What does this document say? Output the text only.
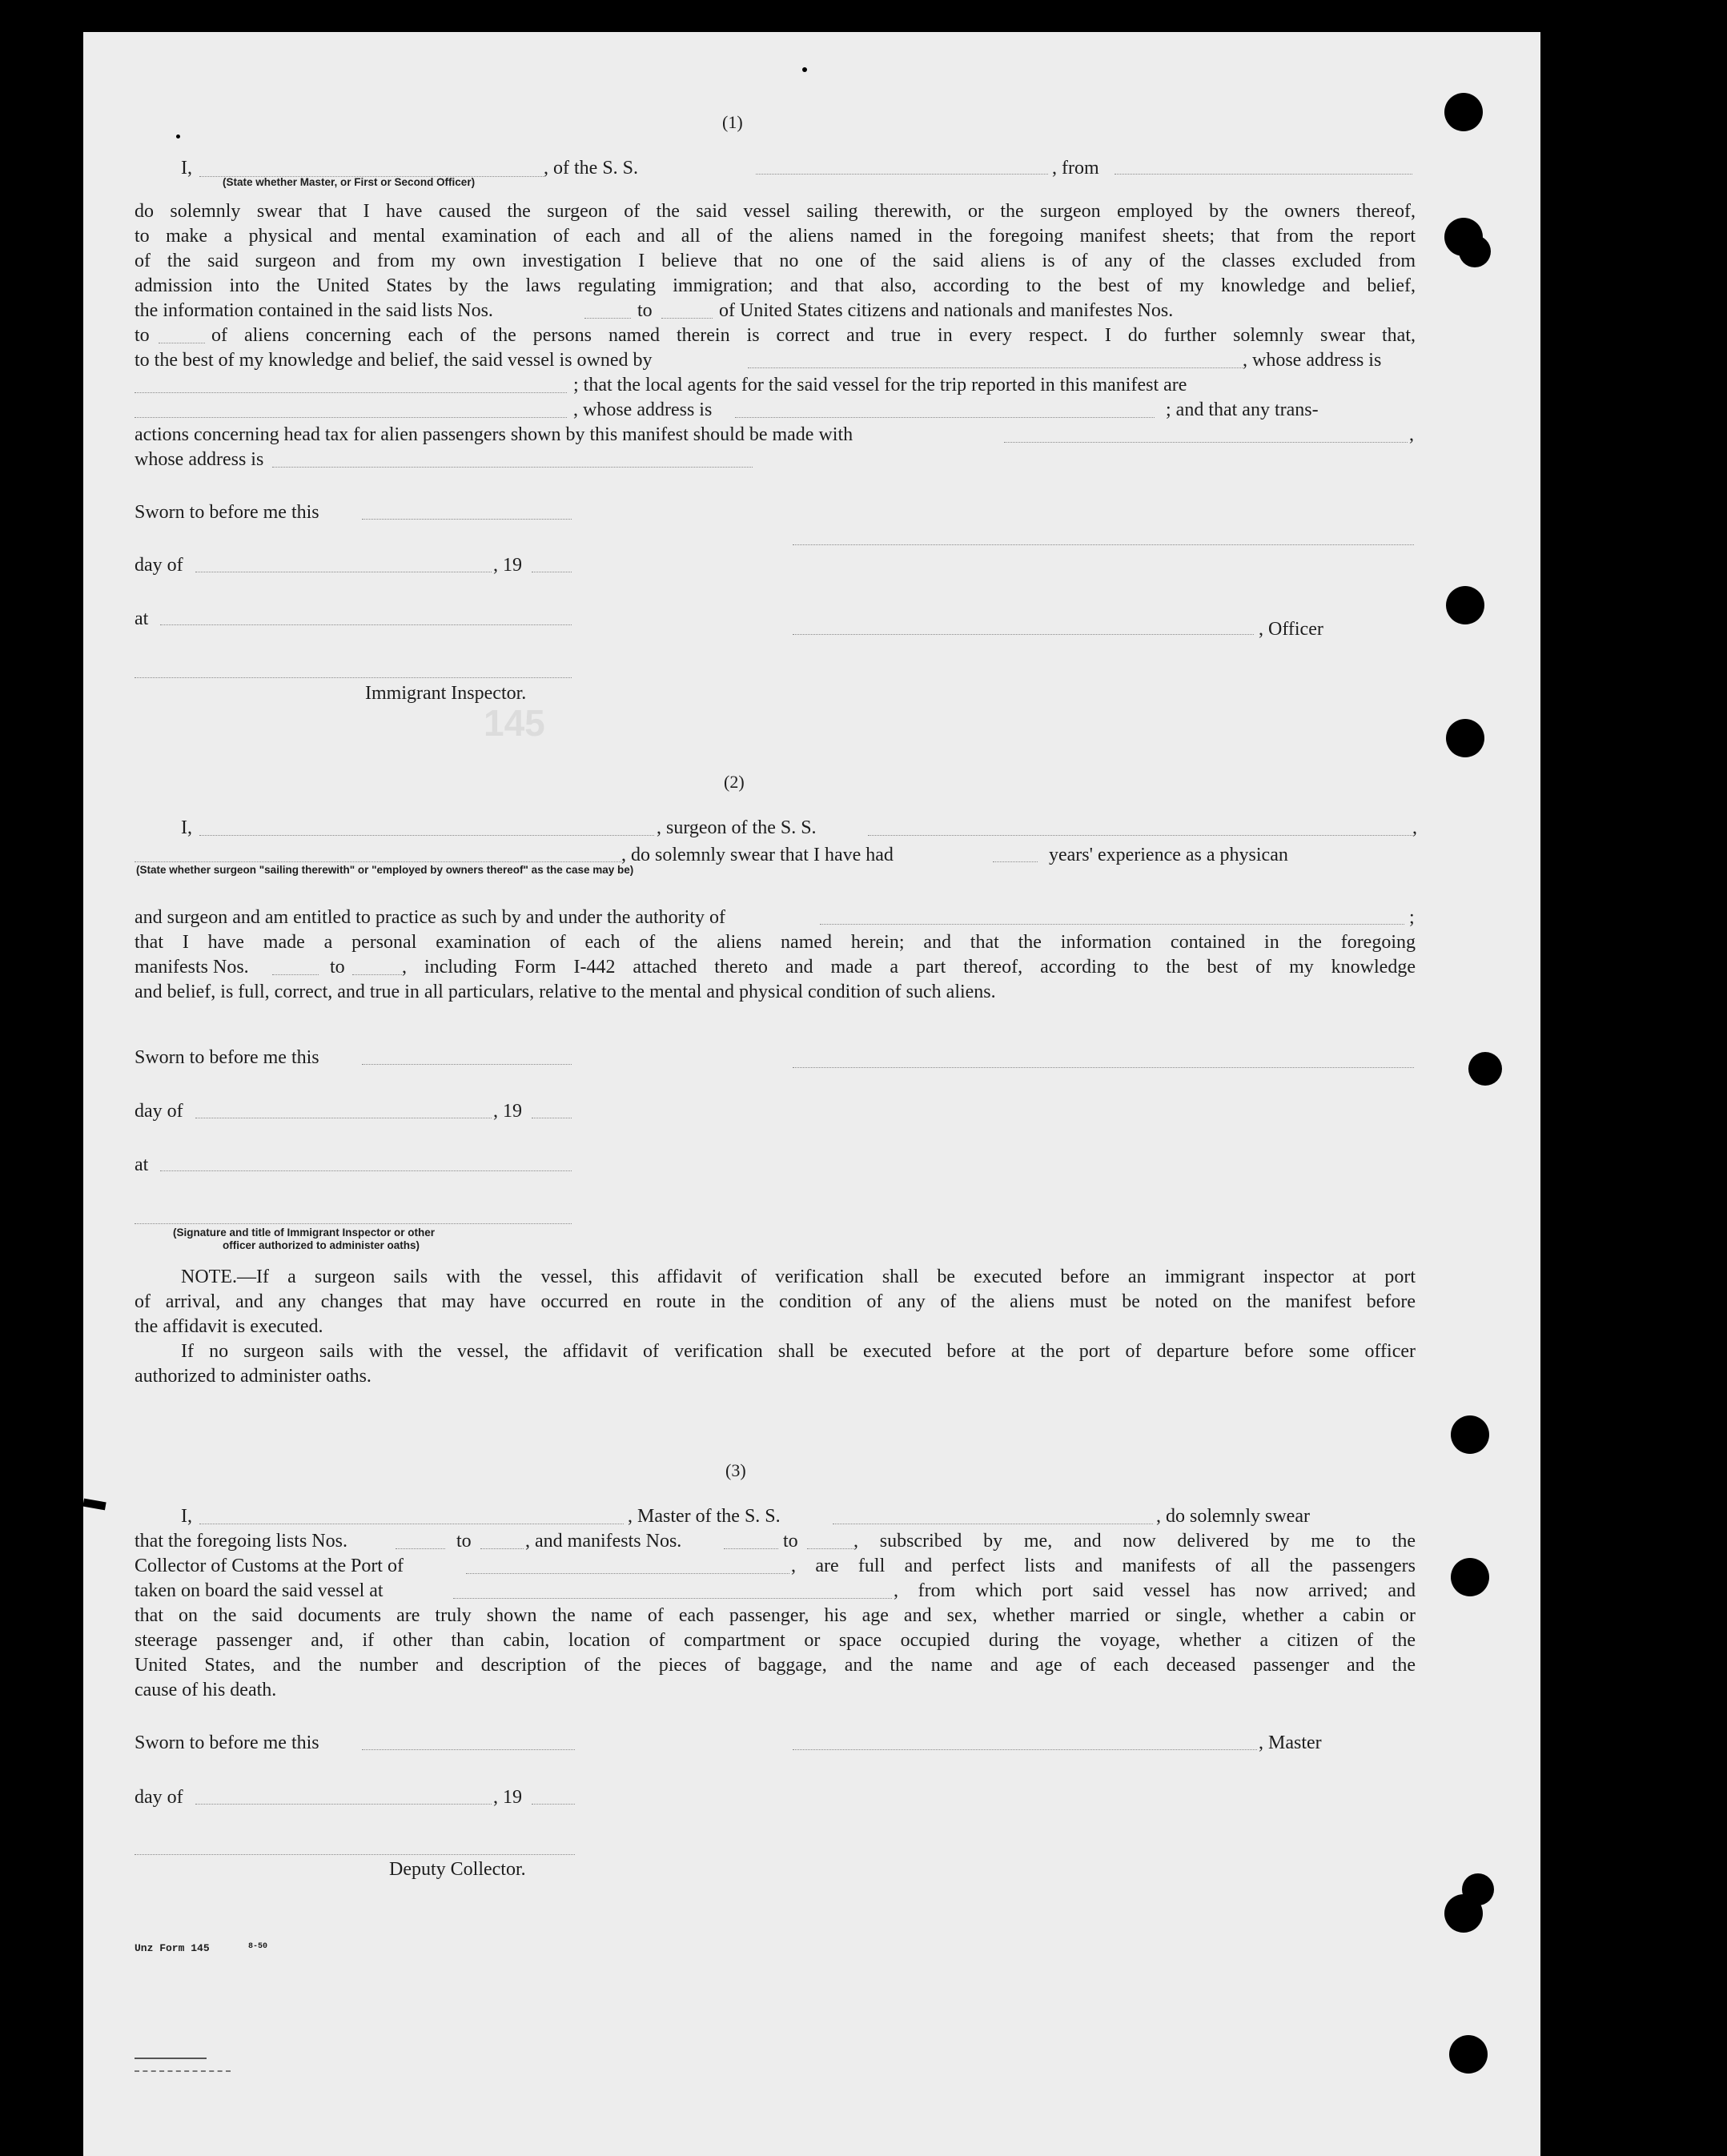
(1)
I,
(State whether Master, or First or Second Officer)
, of the S. S.	, from
do solemnly swear that I have caused the surgeon of the said vessel sailing therewith, or the surgeon employed by the owners thereof,
to make a physical and mental examination of each and all of the aliens named in the foregoing manifest sheets; that from the report
of the said surgeon and from my own investigation I believe that no one of the said aliens is of any of the classes excluded from
admission into the United States by the laws regulating immigration; and that also, according to the best of my knowledge and belief,
the information contained in the said lists Nos.	to	of United States citizens and nationals and manifestes Nos.
to	of aliens concerning each of the persons named therein is correct and true in every respect. I do further solemnly swear that,
to the best of my knowledge and belief, the said vessel is owned by	, whose address is
; that the local agents for the said vessel for the trip reported in this manifest are
, whose address is	; and that any trans-
actions concerning head tax for alien passengers shown by this manifest should be made with	,
whose address is
Sworn to before me this
day of	, 19
at	, Officer
Immigrant Inspector.
145
(2)
I,	, surgeon of the S. S.	,
, do solemnly swear that I have had	years' experience as a physican
(State whether surgeon "sailing therewith" or "employed by owners thereof" as the case may be)
and surgeon and am entitled to practice as such by and under the authority of	;
that I have made a personal examination of each of the aliens named herein; and that the information contained in the foregoing
manifests Nos.	to	, including Form I-442 attached thereto and made a part thereof, according to the best of my knowledge
and belief, is full, correct, and true in all particulars, relative to the mental and physical condition of such aliens.
Sworn to before me this
day of	, 19
at
(Signature and title of Immigrant Inspector or other
officer authorized to administer oaths)
NOTE.—If a surgeon sails with the vessel, this affidavit of verification shall be executed before an immigrant inspector at port
of arrival, and any changes that may have occurred en route in the condition of any of the aliens must be noted on the manifest before
the affidavit is executed.
If no surgeon sails with the vessel, the affidavit of verification shall be executed before at the port of departure before some officer
authorized to administer oaths.
(3)
I,	, Master of the S. S.	, do solemnly swear
that the foregoing lists Nos.	to	, and manifests Nos.	to	, subscribed by me, and now delivered by me to the
Collector of Customs at the Port of	, are full and perfect lists and manifests of all the passengers
taken on board the said vessel at	, from which port said vessel has now arrived; and
that on the said documents are truly shown the name of each passenger, his age and sex, whether married or single, whether a cabin or
steerage passenger and, if other than cabin, location of compartment or space occupied during the voyage, whether a citizen of the
United States, and the number and description of the pieces of baggage, and the name and age of each deceased passenger and the
cause of his death.
Sworn to before me this	, Master
day of	, 19
Deputy Collector.
Unz Form 145	8-50
